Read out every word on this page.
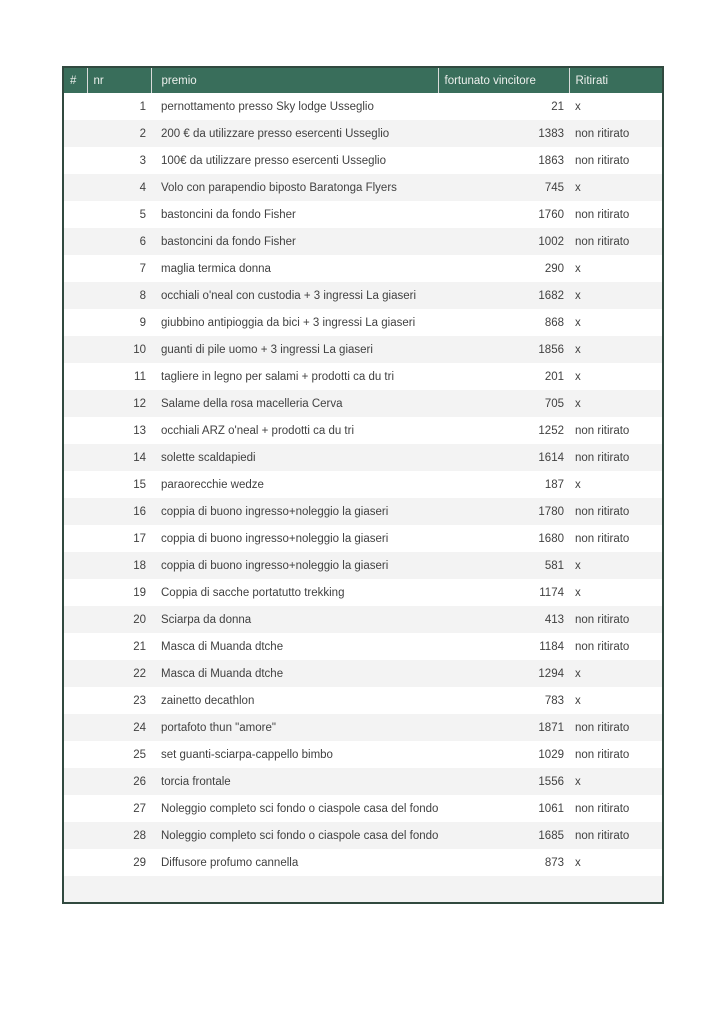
#	nr	premio	fortunato vincitore	Ritirati
	1	pernottamento presso Sky lodge Usseglio	21	x
	2	200 € da utilizzare presso esercenti Usseglio	1383	non ritirato
	3	100€ da utilizzare presso esercenti Usseglio	1863	non ritirato
	4	Volo con parapendio biposto Baratonga Flyers	745	x
	5	bastoncini da fondo Fisher	1760	non ritirato
	6	bastoncini da fondo Fisher	1002	non ritirato
	7	maglia termica donna	290	x
	8	occhiali o'neal con custodia + 3 ingressi La giaseri	1682	x
	9	giubbino antipioggia da bici + 3 ingressi La giaseri	868	x
	10	guanti di pile uomo + 3 ingressi La giaseri	1856	x
	11	tagliere in legno per salami + prodotti ca du tri	201	x
	12	Salame della rosa macelleria Cerva	705	x
	13	occhiali ARZ o'neal + prodotti ca du tri	1252	non ritirato
	14	solette scaldapiedi	1614	non ritirato
	15	paraorecchie wedze	187	x
	16	coppia di buono ingresso+noleggio la giaseri	1780	non ritirato
	17	coppia di buono ingresso+noleggio la giaseri	1680	non ritirato
	18	coppia di buono ingresso+noleggio la giaseri	581	x
	19	Coppia di sacche portatutto trekking	1174	x
	20	Sciarpa da donna	413	non ritirato
	21	Masca di Muanda dtche	1184	non ritirato
	22	Masca di Muanda dtche	1294	x
	23	zainetto decathlon	783	x
	24	portafoto thun "amore"	1871	non ritirato
	25	set guanti-sciarpa-cappello bimbo	1029	non ritirato
	26	torcia frontale	1556	x
	27	Noleggio completo sci fondo o ciaspole casa del fondo	1061	non ritirato
	28	Noleggio completo sci fondo o ciaspole casa del fondo	1685	non ritirato
	29	Diffusore profumo cannella	873	x
